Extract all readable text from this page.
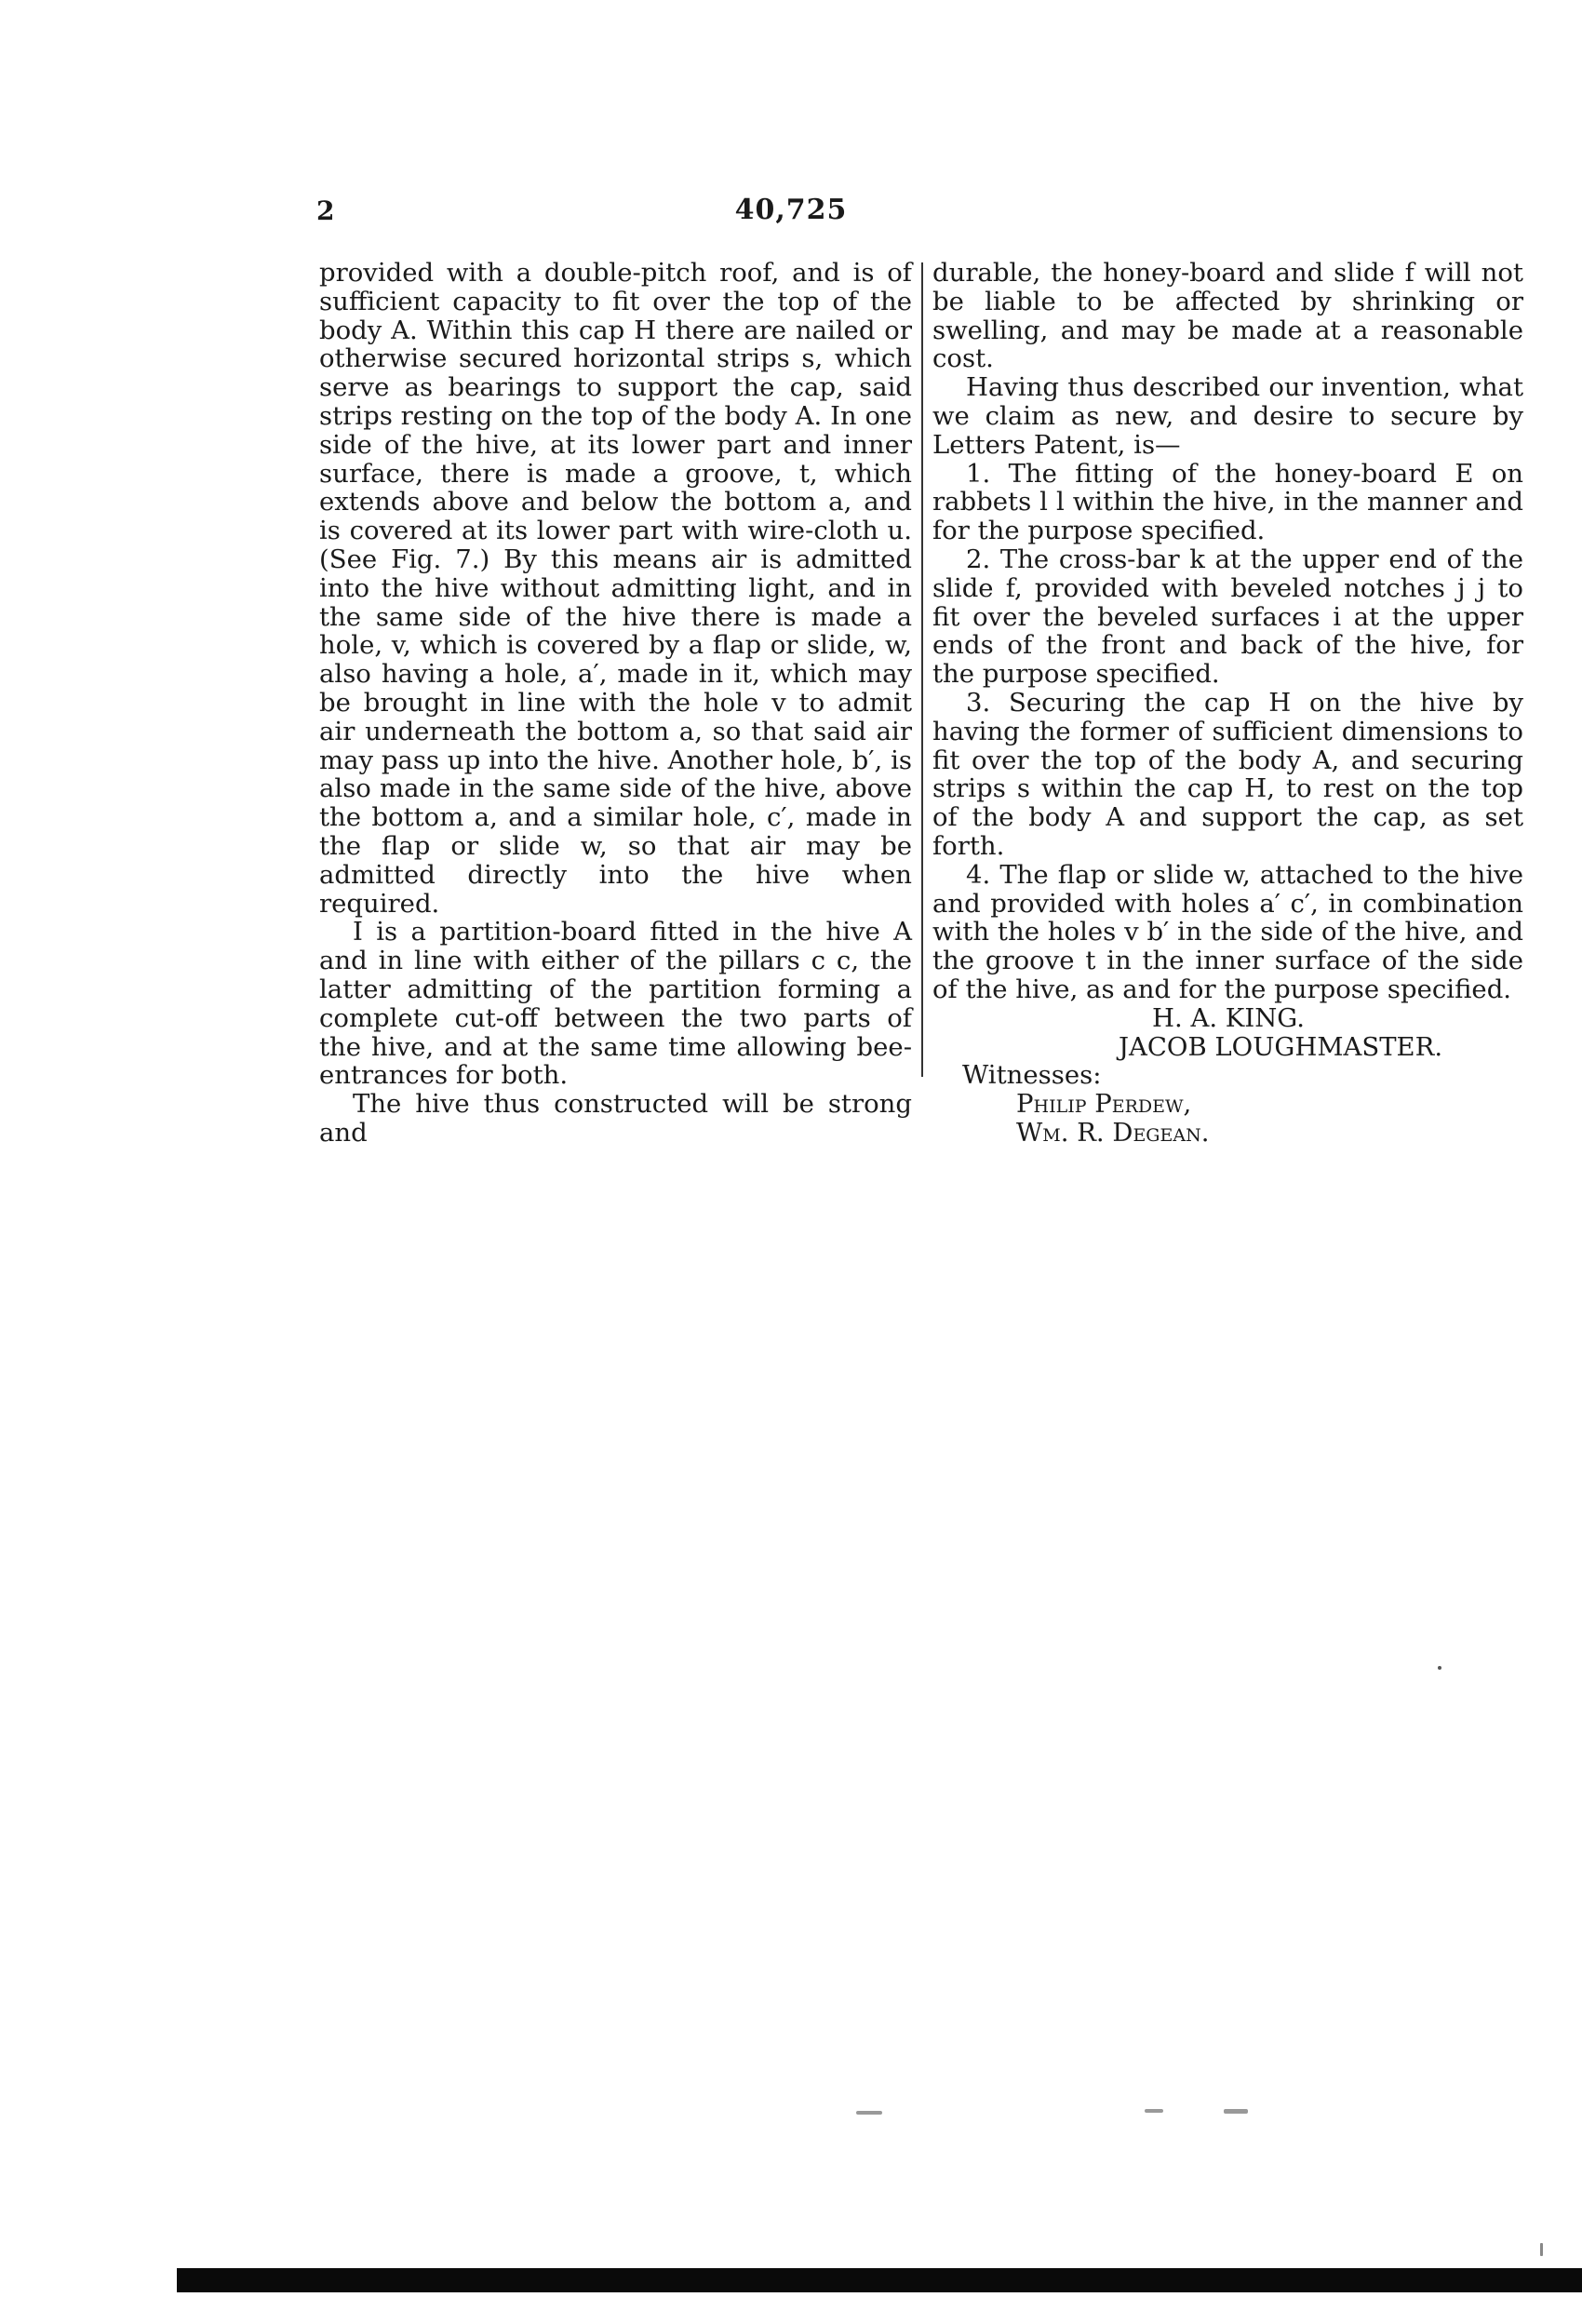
2	40,725

provided with a double-pitch roof, and is of sufficient capacity to fit over the top of the body A. Within this cap H there are nailed or otherwise secured horizontal strips s, which serve as bearings to support the cap, said strips resting on the top of the body A. In one side of the hive, at its lower part and inner surface, there is made a groove, t, which extends above and below the bottom a, and is covered at its lower part with wire-cloth u. (See Fig. 7.) By this means air is admitted into the hive without admitting light, and in the same side of the hive there is made a hole, v, which is covered by a flap or slide, w, also having a hole, a′, made in it, which may be brought in line with the hole v to admit air underneath the bottom a, so that said air may pass up into the hive. Another hole, b′, is also made in the same side of the hive, above the bottom a, and a similar hole, c′, made in the flap or slide w, so that air may be admitted directly into the hive when required.

I is a partition-board fitted in the hive A and in line with either of the pillars c c, the latter admitting of the partition forming a complete cut-off between the two parts of the hive, and at the same time allowing bee-entrances for both.

The hive thus constructed will be strong and

durable, the honey-board and slide f will not be liable to be affected by shrinking or swelling, and may be made at a reasonable cost.

Having thus described our invention, what we claim as new, and desire to secure by Letters Patent, is—

1. The fitting of the honey-board E on rabbets l l within the hive, in the manner and for the purpose specified.

2. The cross-bar k at the upper end of the slide f, provided with beveled notches j j to fit over the beveled surfaces i at the upper ends of the front and back of the hive, for the purpose specified.

3. Securing the cap H on the hive by having the former of sufficient dimensions to fit over the top of the body A, and securing strips s within the cap H, to rest on the top of the body A and support the cap, as set forth.

4. The flap or slide w, attached to the hive and provided with holes a′ c′, in combination with the holes v b′ in the side of the hive, and the groove t in the inner surface of the side of the hive, as and for the purpose specified.

H. A. KING.

JACOB LOUGHMASTER.

Witnesses:

Philip Perdew,

Wm. R. Degean.
